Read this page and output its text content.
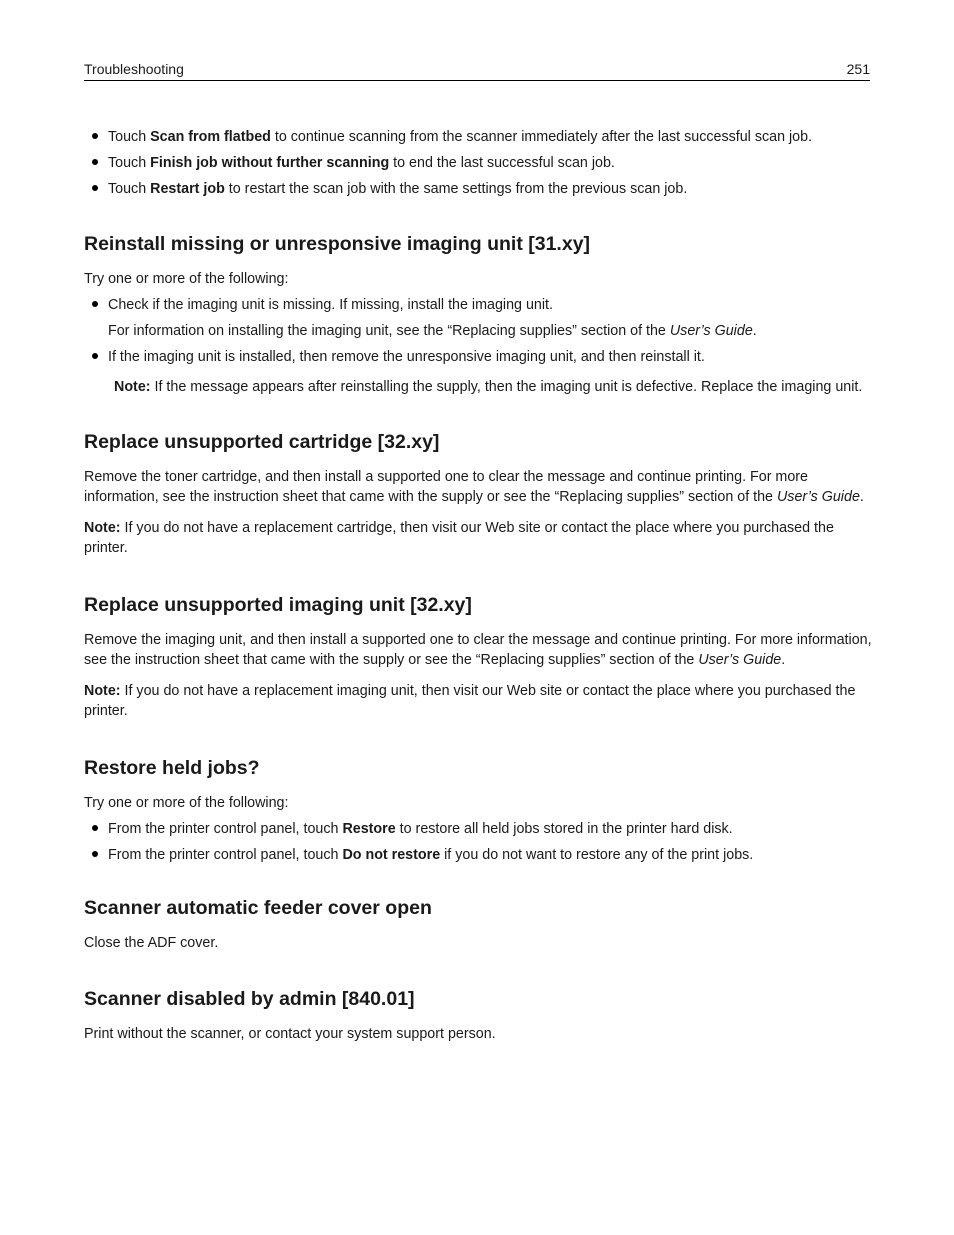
Troubleshooting	251
Touch Scan from flatbed to continue scanning from the scanner immediately after the last successful scan job.
Touch Finish job without further scanning to end the last successful scan job.
Touch Restart job to restart the scan job with the same settings from the previous scan job.
Reinstall missing or unresponsive imaging unit [31.xy]

Try one or more of the following:

Check if the imaging unit is missing. If missing, install the imaging unit.

For information on installing the imaging unit, see the “Replacing supplies” section of the User’s Guide.

If the imaging unit is installed, then remove the unresponsive imaging unit, and then reinstall it.

Note: If the message appears after reinstalling the supply, then the imaging unit is defective. Replace the imaging unit.

Replace unsupported cartridge [32.xy]

Remove the toner cartridge, and then install a supported one to clear the message and continue printing. For more information, see the instruction sheet that came with the supply or see the “Replacing supplies” section of the User’s Guide.

Note: If you do not have a replacement cartridge, then visit our Web site or contact the place where you purchased the printer.

Replace unsupported imaging unit [32.xy]

Remove the imaging unit, and then install a supported one to clear the message and continue printing. For more information, see the instruction sheet that came with the supply or see the “Replacing supplies” section of the User’s Guide.

Note: If you do not have a replacement imaging unit, then visit our Web site or contact the place where you purchased the printer.

Restore held jobs?

Try one or more of the following:

From the printer control panel, touch Restore to restore all held jobs stored in the printer hard disk.
From the printer control panel, touch Do not restore if you do not want to restore any of the print jobs.
Scanner automatic feeder cover open

Close the ADF cover.

Scanner disabled by admin [840.01]

Print without the scanner, or contact your system support person.
